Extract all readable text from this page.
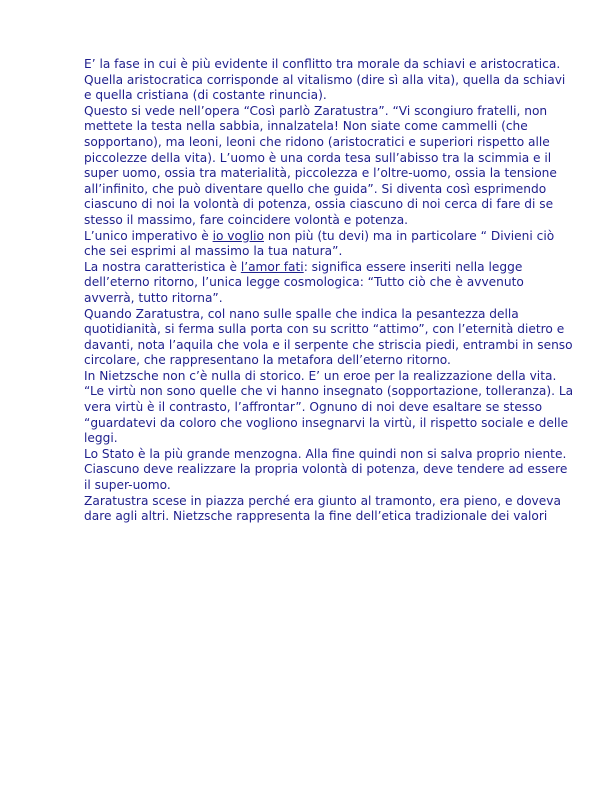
E’ la fase in cui è più evidente il conflitto tra morale da schiavi e aristocratica. Quella aristocratica corrisponde al vitalismo (dire sì alla vita), quella da schiavi e quella cristiana (di costante rinuncia).

Questo si vede nell’opera “Così parlò Zaratustra”. “Vi scongiuro fratelli, non mettete la testa nella sabbia, innalzatela! Non siate come cammelli (che sopportano), ma leoni, leoni che ridono (aristocratici e superiori rispetto alle piccolezze della vita). L’uomo è una corda tesa sull’abisso tra la scimmia e il super uomo, ossia tra materialità, piccolezza e l’oltre-uomo, ossia la tensione all’infinito, che può diventare quello che guida”. Si diventa così esprimendo ciascuno di noi la volontà di potenza, ossia ciascuno di noi cerca di fare di se stesso il massimo, fare coincidere volontà e potenza.

L’unico imperativo è io voglio non più (tu devi) ma in particolare “ Divieni ciò che sei esprimi al massimo la tua natura”.

La nostra caratteristica è l’amor fati: significa essere inseriti nella legge dell’eterno ritorno, l’unica legge cosmologica: “Tutto ciò che è avvenuto avverrà, tutto ritorna”.

Quando Zaratustra, col nano sulle spalle che indica la pesantezza della quotidianità, si ferma sulla porta con su scritto “attimo”, con l’eternità dietro e davanti, nota l’aquila che vola e il serpente che striscia piedi, entrambi in senso circolare, che rappresentano la metafora dell’eterno ritorno.

In Nietzsche non c’è nulla di storico. E’ un eroe per la realizzazione della vita.

“Le virtù non sono quelle che vi hanno insegnato (sopportazione, tolleranza). La vera virtù è il contrasto, l’affrontar”. Ognuno di noi deve esaltare se stesso “guardatevi da coloro che vogliono insegnarvi la virtù, il rispetto sociale e delle leggi.

Lo Stato è la più grande menzogna. Alla fine quindi non si salva proprio niente.

Ciascuno deve realizzare la propria volontà di potenza, deve tendere ad essere il super-uomo.

Zaratustra scese in piazza perché era giunto al tramonto, era pieno, e doveva dare agli altri. Nietzsche rappresenta la fine dell’etica tradizionale dei valori
